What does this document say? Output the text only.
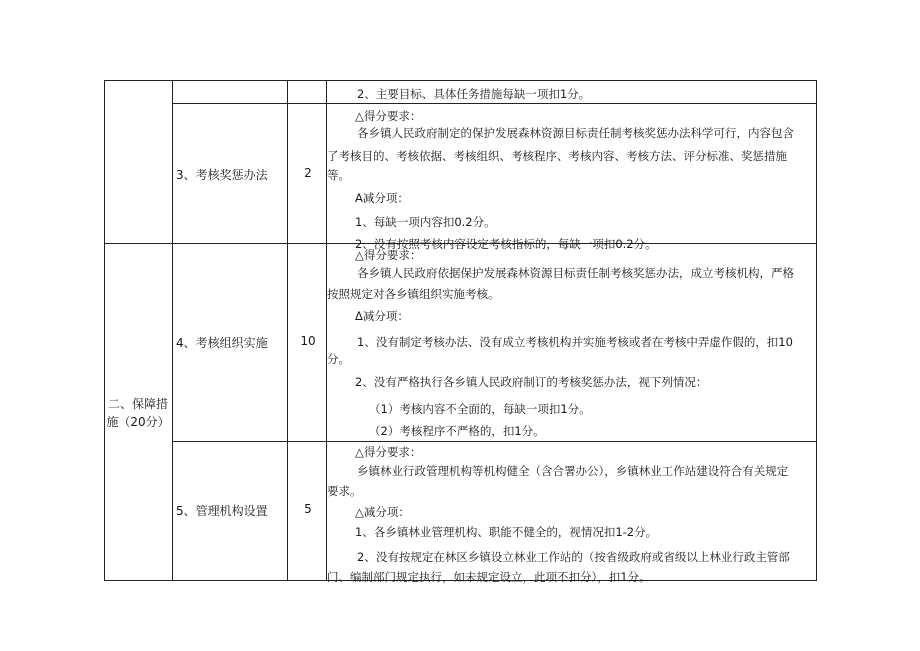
二、保障措
施（20分）
2、主要目标、具体任务措施每缺一项扣1分。
3、考核奖惩办法	2
△得分要求：
各乡镇人民政府制定的保护发展森林资源目标责任制考核奖惩办法科学可行，内容包含
了考核目的、考核依据、考核组织、考核程序、考核内容、考核方法、评分标准、奖惩措施
等。
A减分项：
1、每缺一项内容扣0.2分。
2、没有按照考核内容设定考核指标的，每缺一项扣0.2分。
4、考核组织实施	10
△得分要求：
各乡镇人民政府依据保护发展森林资源目标责任制考核奖惩办法，成立考核机构，严格
按照规定对各乡镇组织实施考核。
Δ减分项：
1、没有制定考核办法、没有成立考核机构并实施考核或者在考核中弄虚作假的，扣10
分。
2、没有严格执行各乡镇人民政府制订的考核奖惩办法，视下列情况：
（1）考核内容不全面的，每缺一项扣1分。
（2）考核程序不严格的，扣1分。
5、管理机构设置	5
△得分要求：
乡镇林业行政管理机构等机构健全（含合署办公），乡镇林业工作站建设符合有关规定
要求。
△减分项：
1、各乡镇林业管理机构、职能不健全的，视情况扣1-2分。
2、没有按规定在林区乡镇设立林业工作站的（按省级政府或省级以上林业行政主管部
门、编制部门规定执行，如未规定设立，此项不扣分），扣1分。
